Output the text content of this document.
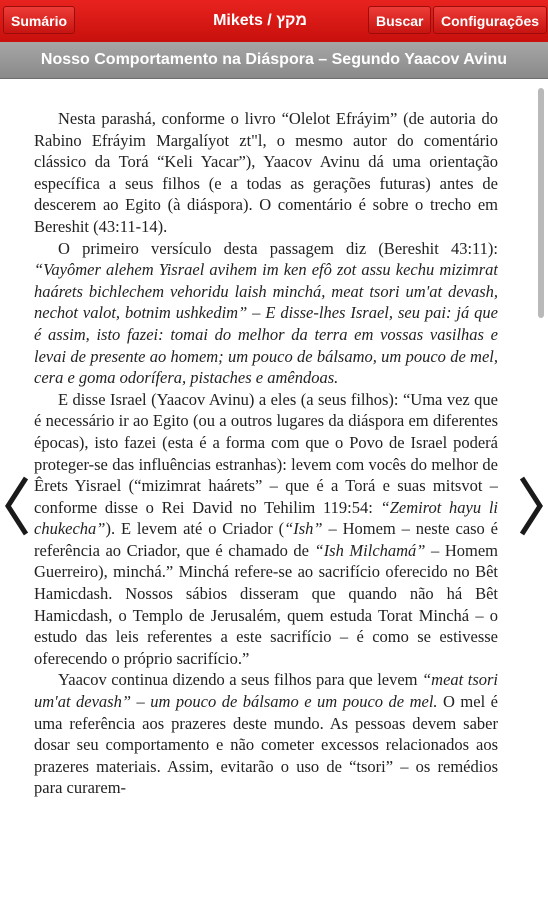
Sumário	Mikets / מקץ	Buscar	Configurações
Nosso Comportamento na Diáspora – Segundo Yaacov Avinu

Nesta parashá, conforme o livro “Olelot Efráyim” (de autoria do Rabino Efráyim Margalíyot zt"l, o mesmo autor do comentário clássico da Torá “Keli Yacar”), Yaacov Avinu dá uma orientação específica a seus filhos (e a todas as gerações futuras) antes de descerem ao Egito (à diáspora). O comentário é sobre o trecho em Bereshit (43:11-14).

O primeiro versículo desta passagem diz (Bereshit 43:11): “Vayômer alehem Yisrael avihem im ken efô zot assu kechu mizimrat haárets bichlechem vehoridu laish minchá, meat tsori um'at devash, nechot valot, botnim ushkedim” – E disse-lhes Israel, seu pai: já que é assim, isto fazei: tomai do melhor da terra em vossas vasilhas e levai de presente ao homem; um pouco de bálsamo, um pouco de mel, cera e goma odorífera, pistaches e amêndoas.

E disse Israel (Yaacov Avinu) a eles (a seus filhos): “Uma vez que é necessário ir ao Egito (ou a outros lugares da diáspora em diferentes épocas), isto fazei (esta é a forma com que o Povo de Israel poderá proteger-se das influências estranhas): levem com vocês do melhor de Êrets Yisrael (“mizimrat haárets” – que é a Torá e suas mitsvot – conforme disse o Rei David no Tehilim 119:54: “Zemirot hayu li chukecha”). E levem até o Criador (“Ish” – Homem – neste caso é referência ao Criador, que é chamado de “Ish Milchamá” – Homem Guerreiro), minchá.” Minchá refere-se ao sacrifício oferecido no Bêt Hamicdash. Nossos sábios disseram que quando não há Bêt Hamicdash, o Templo de Jerusalém, quem estuda Torat Minchá – o estudo das leis referentes a este sacrifício – é como se estivesse oferecendo o próprio sacrifício.”

Yaacov continua dizendo a seus filhos para que levem “meat tsori um'at devash” – um pouco de bálsamo e um pouco de mel. O mel é uma referência aos prazeres deste mundo. As pessoas devem saber dosar seu comportamento e não cometer excessos relacionados aos prazeres materiais. Assim, evitarão o uso de “tsori” – os remédios para curarem-
